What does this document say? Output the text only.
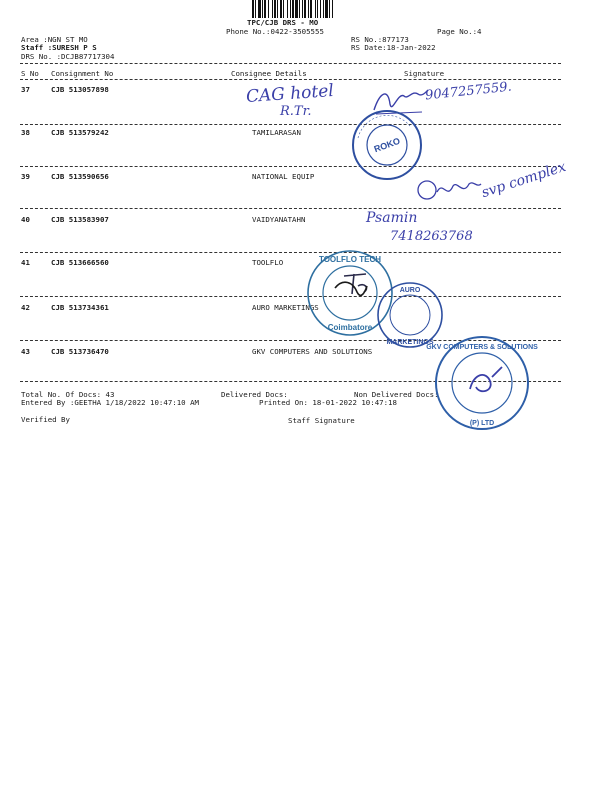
TPC/CJB DRS - MO
Phone No.:0422-3505555	Page No.:4
Area :NGN ST MO
Staff :SURESH P S
DRS No. :DCJB87717304
RS No.:877173
RS Date:18-Jan-2022
S No Consignment No	Consignee Details	Signature
37	CJB 513057898
38	CJB 513579242	TAMILARASAN
39	CJB 513590656	NATIONAL EQUIP
40	CJB 513583907	VAIDYANATAHN
41	CJB 513666560	TOOLFLO
42	CJB 513734361	AURO MARKETINGS
43	CJB 513736470	GKV COMPUTERS AND SOLUTIONS
Total No. Of Docs: 43	Delivered Docs:	Non Delivered Docs:
Entered By :GEETHA 1/18/2022 10:47:10 AM	Printed On: 18-01-2022 10:47:18
Verified By	Staff Signature
CAG hotel
R.Tr.
9047257559.
svp complex
Psamin
7418263768
ROKO
TOOLFLO TECH
Coimbatore
AURO
MARKETINGS
GKV COMPUTERS & SOLUTIONS
(P) LTD
